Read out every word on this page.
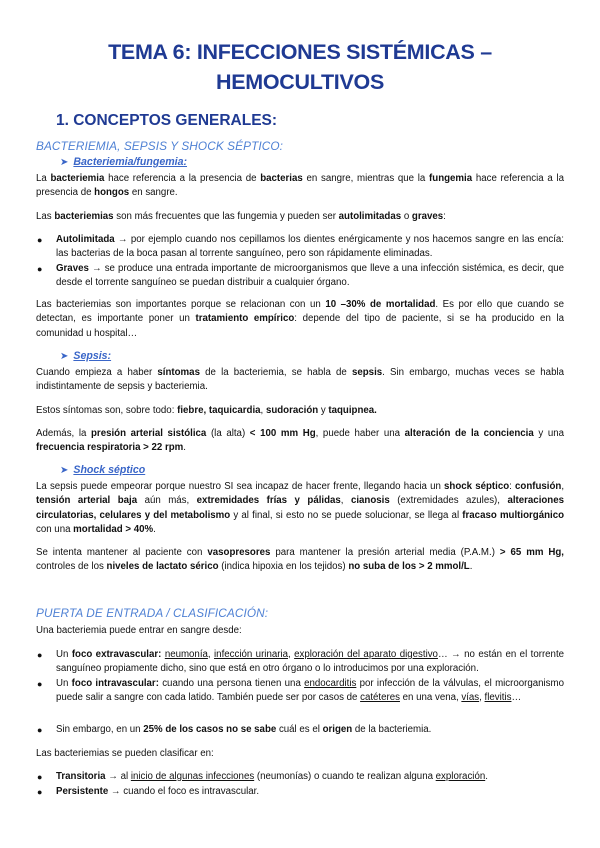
TEMA 6: INFECCIONES SISTÉMICAS –
HEMOCULTIVOS
1. CONCEPTOS GENERALES:
BACTERIEMIA, SEPSIS Y SHOCK SÉPTICO:
➤ Bacteriemia/fungemia:
La bacteriemia hace referencia a la presencia de bacterias en sangre, mientras que la fungemia hace referencia a la presencia de hongos en sangre.
Las bacteriemias son más frecuentes que las fungemia y pueden ser autolimitadas o graves:
● Autolimitada → por ejemplo cuando nos cepillamos los dientes enérgicamente y nos hacemos sangre en las encía: las bacterias de la boca pasan al torrente sanguíneo, pero son rápidamente eliminadas.
● Graves → se produce una entrada importante de microorganismos que lleve a una infección sistémica, es decir, que desde el torrente sanguíneo se puedan distribuir a cualquier órgano.
Las bacteriemias son importantes porque se relacionan con un 10 –30% de mortalidad. Es por ello que cuando se detectan, es importante poner un tratamiento empírico: depende del tipo de paciente, si se ha producido en la comunidad u hospital…
➤ Sepsis:
Cuando empieza a haber síntomas de la bacteriemia, se habla de sepsis. Sin embargo, muchas veces se habla indistintamente de sepsis y bacteriemia.
Estos síntomas son, sobre todo: fiebre, taquicardia, sudoración y taquipnea.
Además, la presión arterial sistólica (la alta) < 100 mm Hg, puede haber una alteración de la conciencia y una frecuencia respiratoria > 22 rpm.
➤ Shock séptico
La sepsis puede empeorar porque nuestro SI sea incapaz de hacer frente, llegando hacia un shock séptico: confusión, tensión arterial baja aún más, extremidades frías y pálidas, cianosis (extremidades azules), alteraciones circulatorias, celulares y del metabolismo y al final, si esto no se puede solucionar, se llega al fracaso multiorgánico con una mortalidad > 40%.
Se intenta mantener al paciente con vasopresores para mantener la presión arterial media (P.A.M.) > 65 mm Hg, controles de los niveles de lactato sérico (indica hipoxia en los tejidos) no suba de los > 2 mmol/L.
PUERTA DE ENTRADA / CLASIFICACIÓN:
Una bacteriemia puede entrar en sangre desde:
● Un foco extravascular: neumonía, infección urinaria, exploración del aparato digestivo… → no están en el torrente sanguíneo propiamente dicho, sino que está en otro órgano o lo introducimos por una exploración.
● Un foco intravascular: cuando una persona tienen una endocarditis por infección de la válvulas, el microorganismo puede salir a sangre con cada latido. También puede ser por casos de catéteres en una vena, vías, flevitis…
● Sin embargo, en un 25% de los casos no se sabe cuál es el origen de la bacteriemia.
Las bacteriemias se pueden clasificar en:
● Transitoria → al inicio de algunas infecciones (neumonías) o cuando te realizan alguna exploración.
● Persistente → cuando el foco es intravascular.
